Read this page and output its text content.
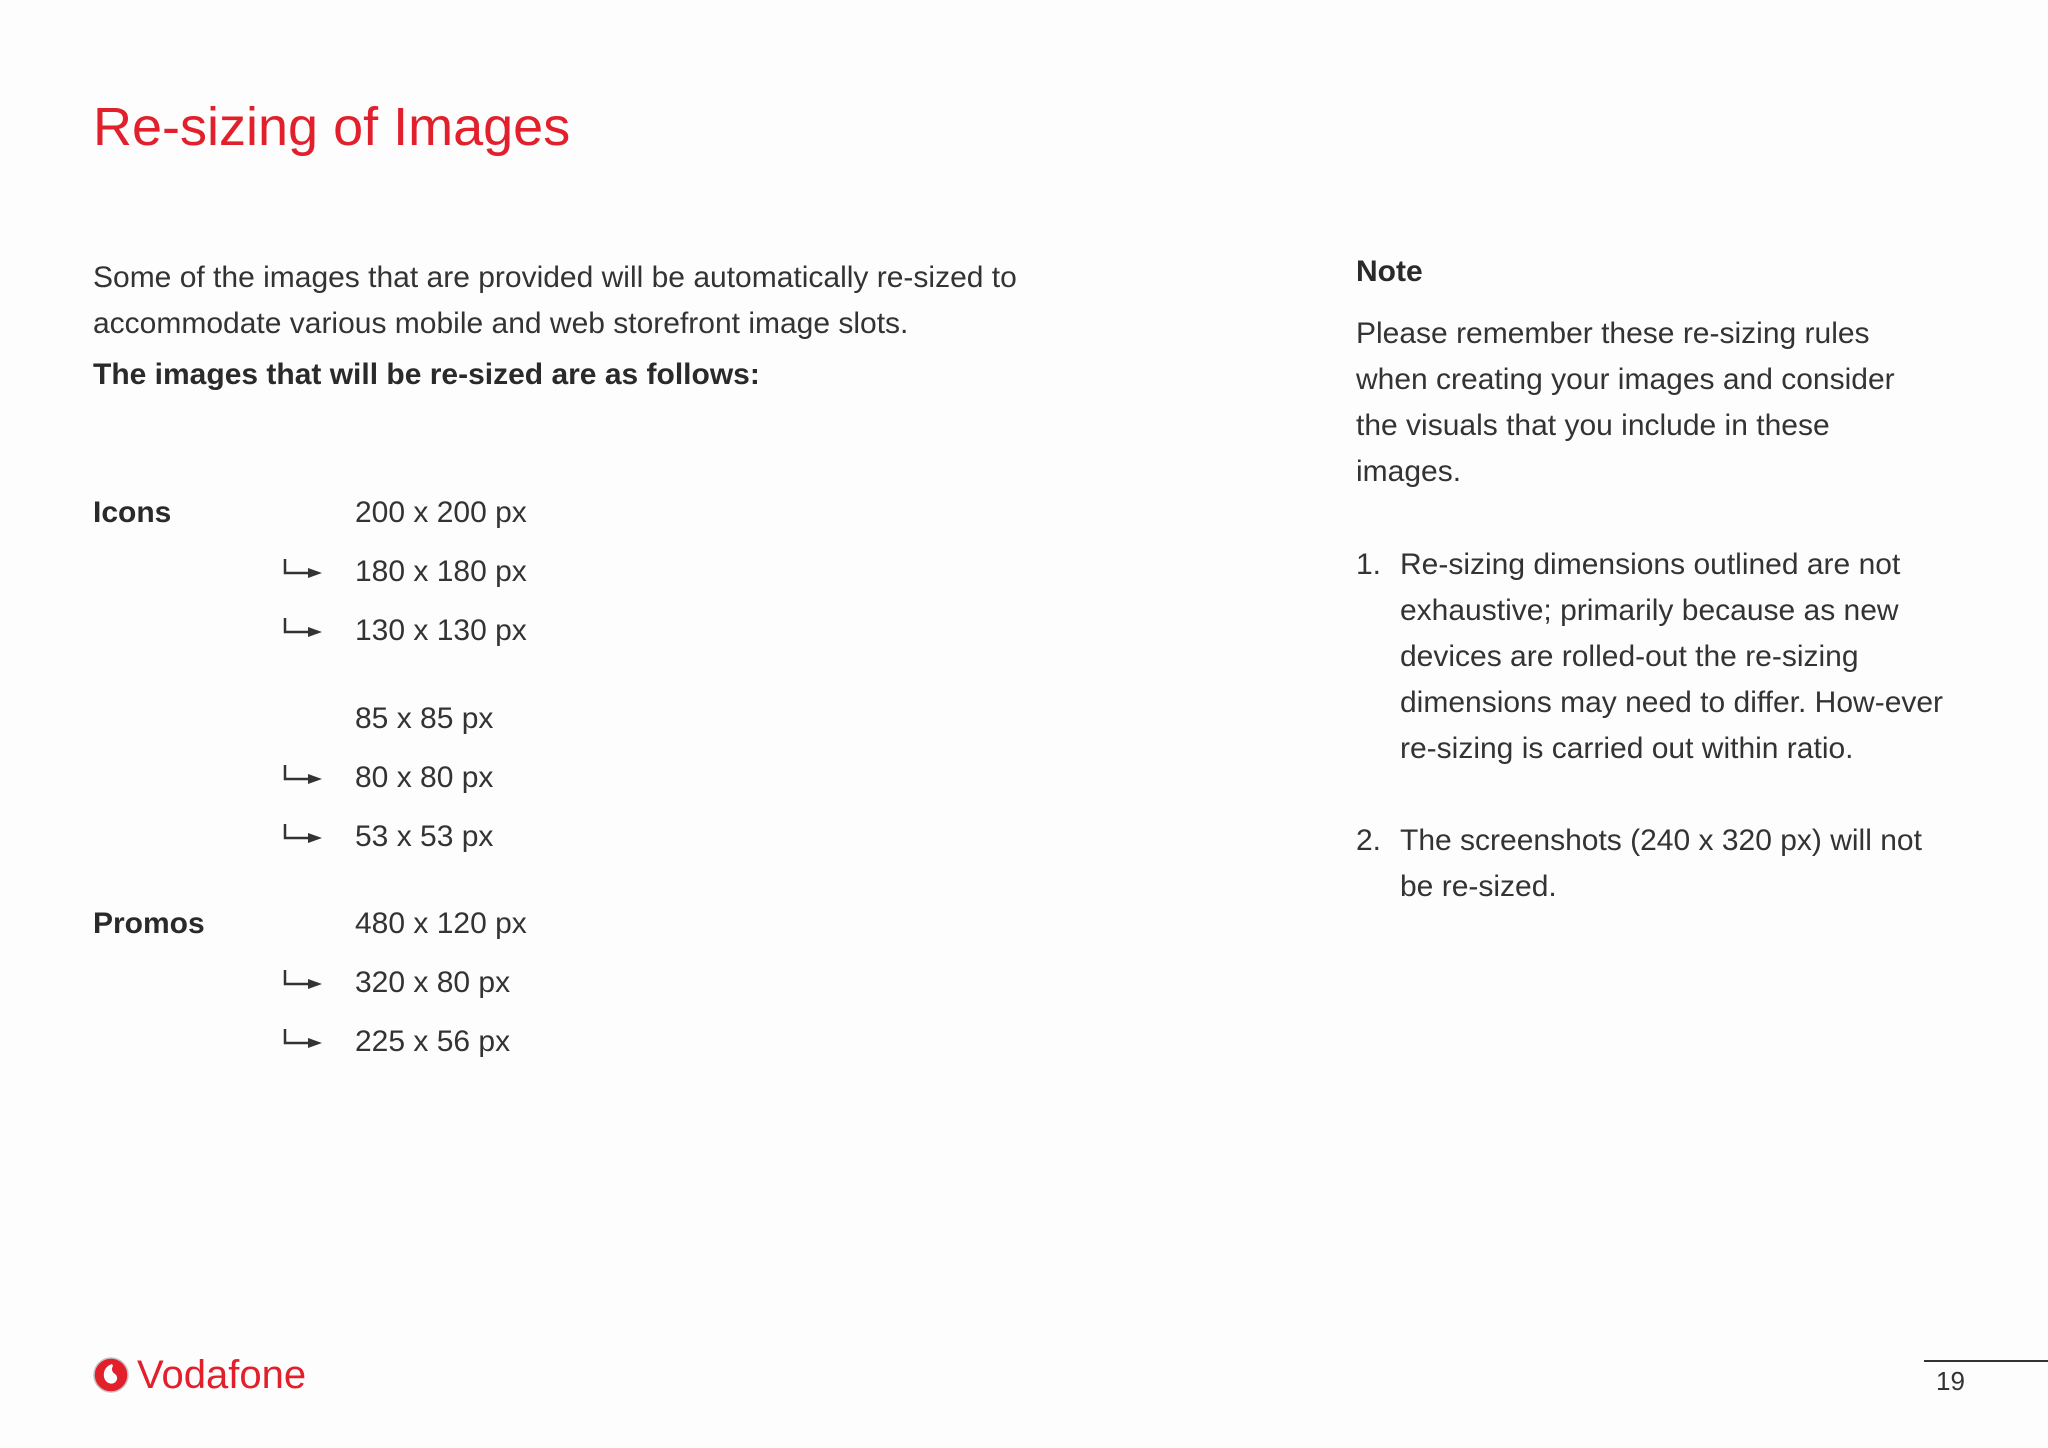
Re-sizing of Images

Some of the images that are provided will be automatically re-sized to accommodate various mobile and web storefront image slots.

The images that will be re-sized are as follows:

Icons	200 x 200 px
180 x 180 px
130 x 130 px
85 x 85 px
80 x 80 px
53 x 53 px
Promos	480 x 120 px
320 x 80 px
225 x 56 px
Note

Please remember these re-sizing rules when creating your images and consider the visuals that you include in these images.

1. Re-sizing dimensions outlined are not exhaustive; primarily because as new devices are rolled-out the re-sizing dimensions may need to differ. How-ever re-sizing is carried out within ratio.
2. The screenshots (240 x 320 px) will not be re-sized.
Vodafone	19
